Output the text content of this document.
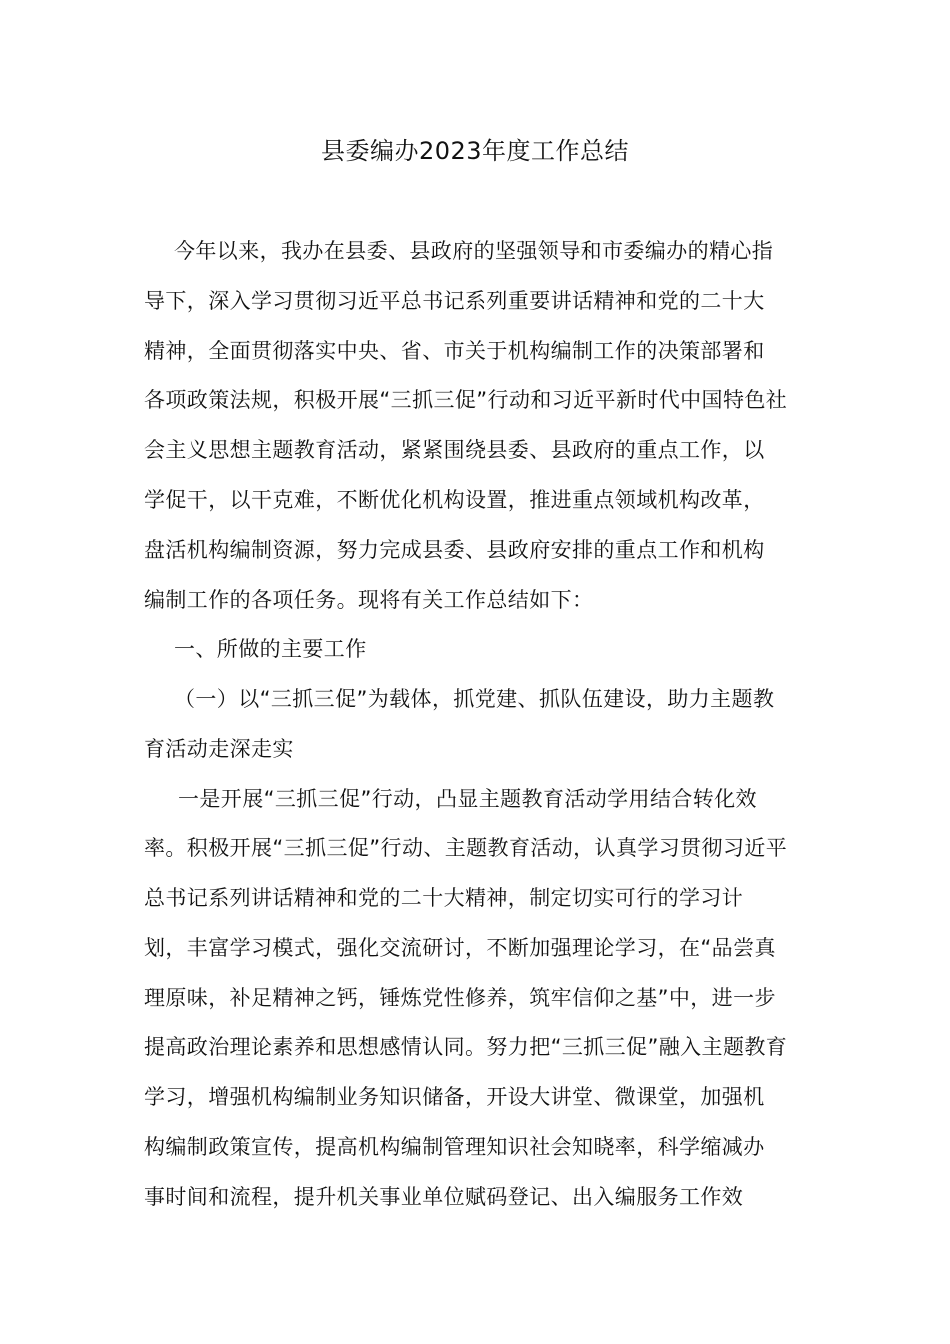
县委编办2023年度工作总结
今年以来，我办在县委、县政府的坚强领导和市委编办的精心指
导下，深入学习贯彻习近平总书记系列重要讲话精神和党的二十大
精神，全面贯彻落实中央、省、市关于机构编制工作的决策部署和
各项政策法规，积极开展“三抓三促”行动和习近平新时代中国特色社
会主义思想主题教育活动，紧紧围绕县委、县政府的重点工作，以
学促干，以干克难，不断优化机构设置，推进重点领域机构改革，
盘活机构编制资源，努力完成县委、县政府安排的重点工作和机构
编制工作的各项任务。现将有关工作总结如下：
一、所做的主要工作
（一）以“三抓三促”为载体，抓党建、抓队伍建设，助力主题教
育活动走深走实
一是开展“三抓三促”行动，凸显主题教育活动学用结合转化效
率。积极开展“三抓三促”行动、主题教育活动，认真学习贯彻习近平
总书记系列讲话精神和党的二十大精神，制定切实可行的学习计
划，丰富学习模式，强化交流研讨，不断加强理论学习，在“品尝真
理原味，补足精神之钙，锤炼党性修养，筑牢信仰之基”中，进一步
提高政治理论素养和思想感情认同。努力把“三抓三促”融入主题教育
学习，增强机构编制业务知识储备，开设大讲堂、微课堂，加强机
构编制政策宣传，提高机构编制管理知识社会知晓率，科学缩减办
事时间和流程，提升机关事业单位赋码登记、出入编服务工作效
